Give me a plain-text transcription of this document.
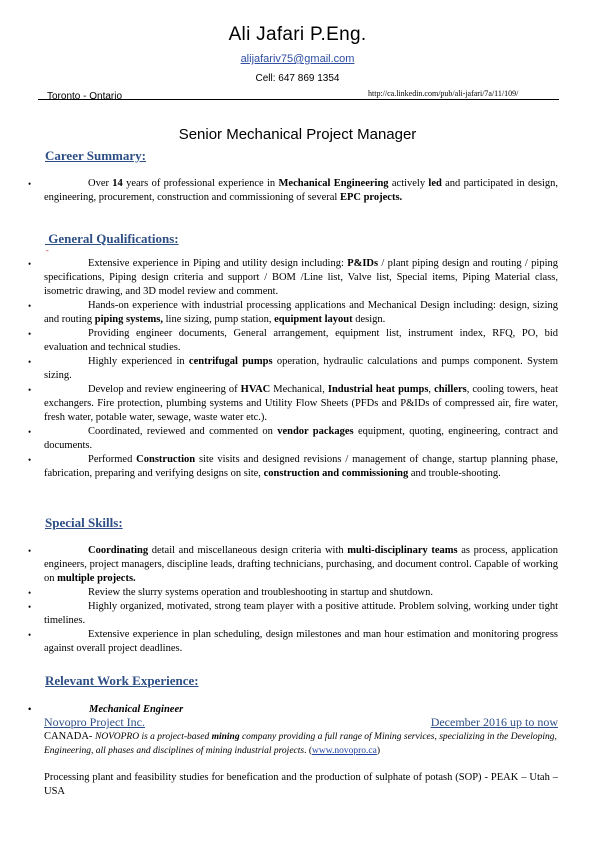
Ali Jafari P.Eng.
alijafariv75@gmail.com
Cell: 647 869 1354
Toronto - Ontario	http://ca.linkedin.com/pub/ali-jafari/7a/11/109/
Senior Mechanical Project Manager
Career Summary:
•	Over 14 years of professional experience in Mechanical Engineering actively led and participated in design, engineering, procurement, construction and commissioning of several EPC projects.
General Qualifications:
-
•	Extensive experience in Piping and utility design including: P&IDs / plant piping design and routing / piping specifications, Piping design criteria and support / BOM /Line list, Valve list, Special items, Piping Material class, isometric drawing, and 3D model review and comment.
•	Hands-on experience with industrial processing applications and Mechanical Design including: design, sizing and routing piping systems, line sizing, pump station, equipment layout design.
•	Providing engineer documents, General arrangement, equipment list, instrument index, RFQ, PO, bid evaluation and technical studies.
•	Highly experienced in centrifugal pumps operation, hydraulic calculations and pumps component. System sizing.
•	Develop and review engineering of HVAC Mechanical, Industrial heat pumps, chillers, cooling towers, heat exchangers. Fire protection, plumbing systems and Utility Flow Sheets (PFDs and P&IDs of compressed air, fire water, fresh water, potable water, sewage, waste water etc.).
•	Coordinated, reviewed and commented on vendor packages equipment, quoting, engineering, contract and documents.
•	Performed Construction site visits and designed revisions / management of change, startup planning phase, fabrication, preparing and verifying designs on site, construction and commissioning and trouble-shooting.
Special Skills:
•	Coordinating detail and miscellaneous design criteria with multi-disciplinary teams as process, application engineers, project managers, discipline leads, drafting technicians, purchasing, and document control. Capable of working on multiple projects.
•	Review the slurry systems operation and troubleshooting in startup and shutdown.
•	Highly organized, motivated, strong team player with a positive attitude. Problem solving, working under tight timelines.
•	Extensive experience in plan scheduling, design milestones and man hour estimation and monitoring progress against overall project deadlines.
Relevant Work Experience:
•	Mechanical Engineer
Novopro Project Inc.	December 2016 up to now
CANADA- NOVOPRO is a project-based mining company providing a full range of Mining services, specializing in the Developing, Engineering, all phases and disciplines of mining industrial projects. (www.novopro.ca)
Processing plant and feasibility studies for benefication and the production of sulphate of potash (SOP) - PEAK – Utah –USA
